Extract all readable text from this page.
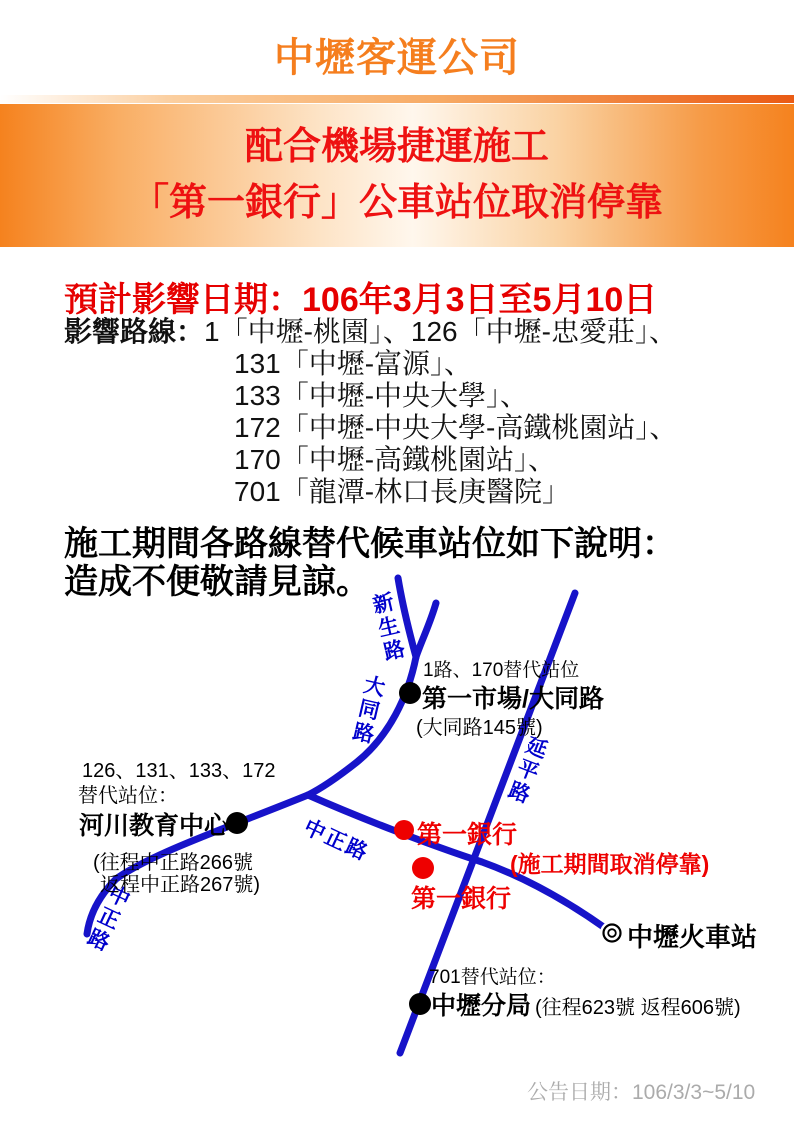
中壢客運公司
配合機場捷運施工
「第一銀行」公車站位取消停靠
預計影響日期：106年3月3日至5月10日
影響路線：1「中壢-桃園」、126「中壢-忠愛莊」、
131「中壢-富源」、
133「中壢-中央大學」、
172「中壢-中央大學-高鐵桃園站」、
170「中壢-高鐵桃園站」、
701「龍潭-林口長庚醫院」
施工期間各路線替代候車站位如下說明：
造成不便敬請見諒。
新生路
大同路
延平路
中正路
中正路
1路、170替代站位
第一市場/大同路
(大同路145號)
126、131、133、172
替代站位：
河川教育中心
(往程中正路266號
返程中正路267號)
第一銀行
(施工期間取消停靠)
第一銀行
中壢火車站
701替代站位：
中壢分局 (往程623號 返程606號)
公告日期：106/3/3~5/10
